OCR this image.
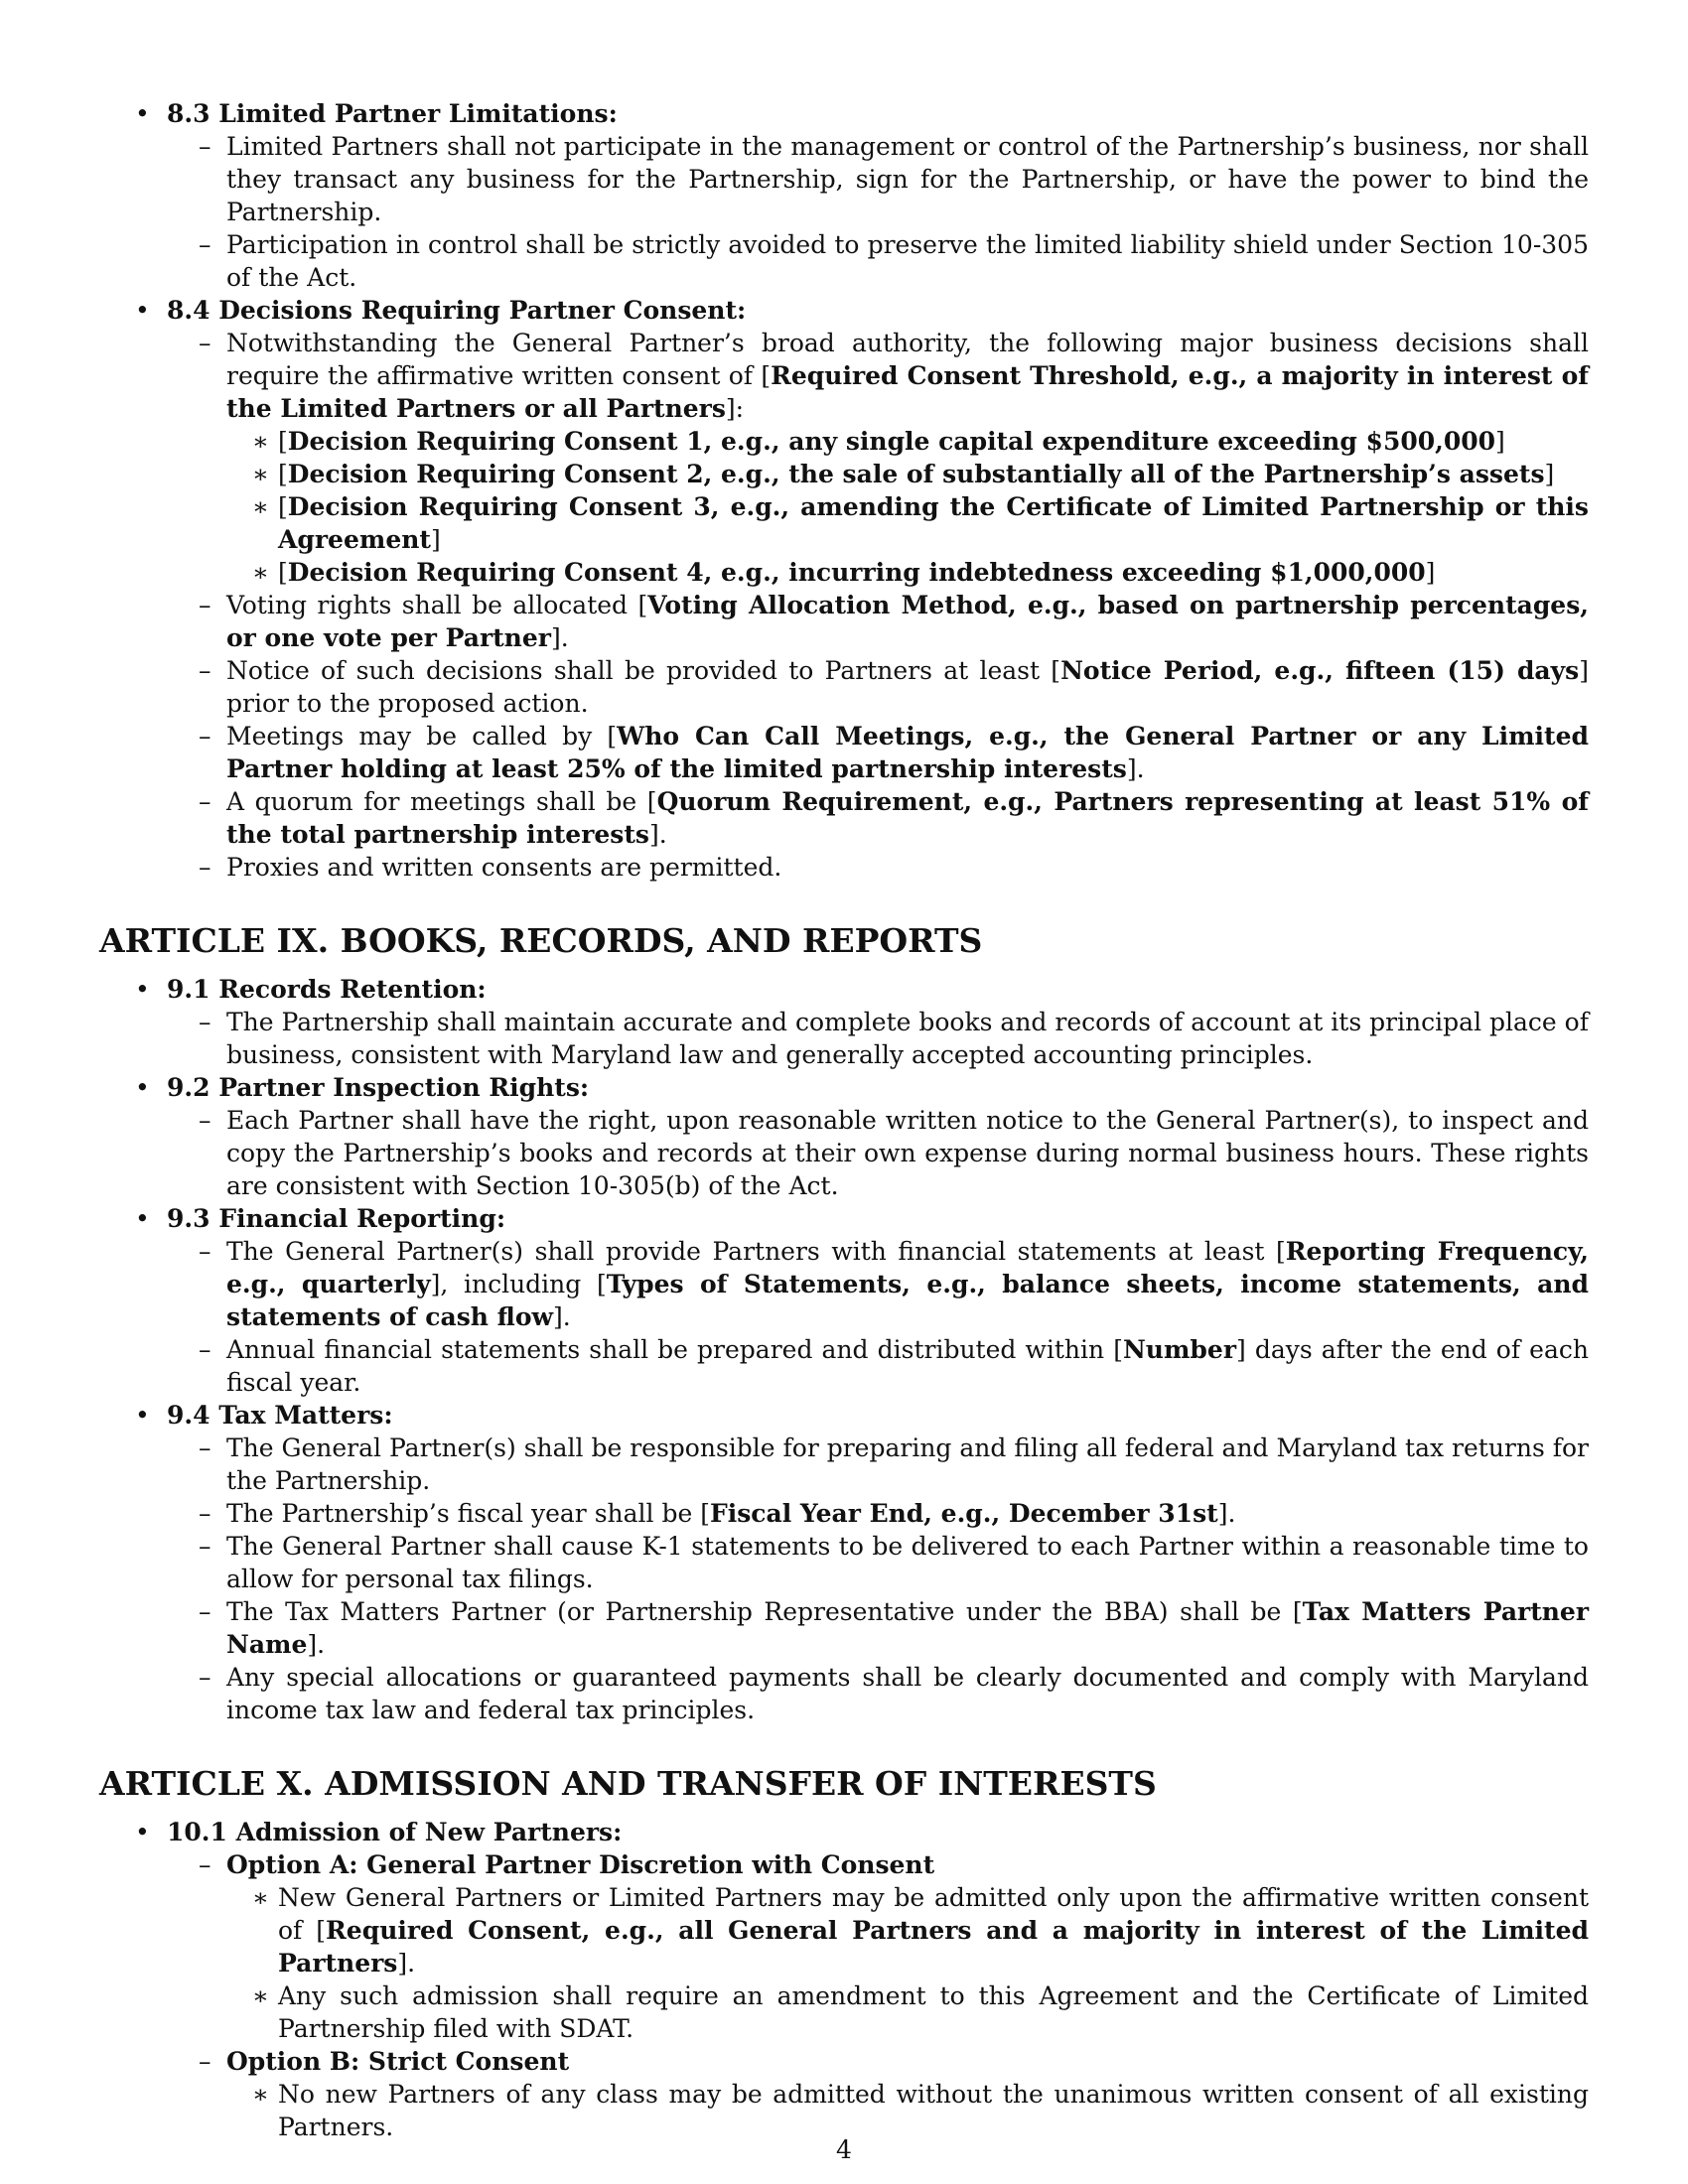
• 8.3 Limited Partner Limitations:

– Limited Partners shall not participate in the management or control of the Partnership’s business, nor shall they transact any business for the Partnership, sign for the Partnership, or have the power to bind the Partnership.

– Participation in control shall be strictly avoided to preserve the limited liability shield under Section 10-305 of the Act.

• 8.4 Decisions Requiring Partner Consent:

– Notwithstanding the General Partner’s broad authority, the following major business decisions shall require the affirmative written consent of [Required Consent Threshold, e.g., a majority in interest of the Limited Partners or all Partners]:

∗ [Decision Requiring Consent 1, e.g., any single capital expenditure exceeding $500,000]

∗ [Decision Requiring Consent 2, e.g., the sale of substantially all of the Partnership’s assets]

∗ [Decision Requiring Consent 3, e.g., amending the Certificate of Limited Partnership or this Agreement]

∗ [Decision Requiring Consent 4, e.g., incurring indebtedness exceeding $1,000,000]

– Voting rights shall be allocated [Voting Allocation Method, e.g., based on partnership percentages, or one vote per Partner].

– Notice of such decisions shall be provided to Partners at least [Notice Period, e.g., fifteen (15) days] prior to the proposed action.

– Meetings may be called by [Who Can Call Meetings, e.g., the General Partner or any Limited Partner holding at least 25% of the limited partnership interests].

– A quorum for meetings shall be [Quorum Requirement, e.g., Partners representing at least 51% of the total partnership interests].

– Proxies and written consents are permitted.

ARTICLE IX. BOOKS, RECORDS, AND REPORTS
• 9.1 Records Retention:

– The Partnership shall maintain accurate and complete books and records of account at its principal place of business, consistent with Maryland law and generally accepted accounting principles.

• 9.2 Partner Inspection Rights:

– Each Partner shall have the right, upon reasonable written notice to the General Partner(s), to inspect and copy the Partnership’s books and records at their own expense during normal business hours. These rights are consistent with Section 10-305(b) of the Act.

• 9.3 Financial Reporting:

– The General Partner(s) shall provide Partners with financial statements at least [Reporting Frequency, e.g., quarterly], including [Types of Statements, e.g., balance sheets, income statements, and statements of cash flow].

– Annual financial statements shall be prepared and distributed within [Number] days after the end of each fiscal year.

• 9.4 Tax Matters:

– The General Partner(s) shall be responsible for preparing and filing all federal and Maryland tax returns for the Partnership.

– The Partnership’s fiscal year shall be [Fiscal Year End, e.g., December 31st].

– The General Partner shall cause K-1 statements to be delivered to each Partner within a reasonable time to allow for personal tax filings.

– The Tax Matters Partner (or Partnership Representative under the BBA) shall be [Tax Matters Partner Name].

– Any special allocations or guaranteed payments shall be clearly documented and comply with Maryland income tax law and federal tax principles.

ARTICLE X. ADMISSION AND TRANSFER OF INTERESTS
• 10.1 Admission of New Partners:
– Option A: General Partner Discretion with Consent

∗ New General Partners or Limited Partners may be admitted only upon the affirmative written consent of [Required Consent, e.g., all General Partners and a majority in interest of the Limited Partners].

∗ Any such admission shall require an amendment to this Agreement and the Certificate of Limited Partnership filed with SDAT.

– Option B: Strict Consent

∗ No new Partners of any class may be admitted without the unanimous written consent of all existing Partners.

4
